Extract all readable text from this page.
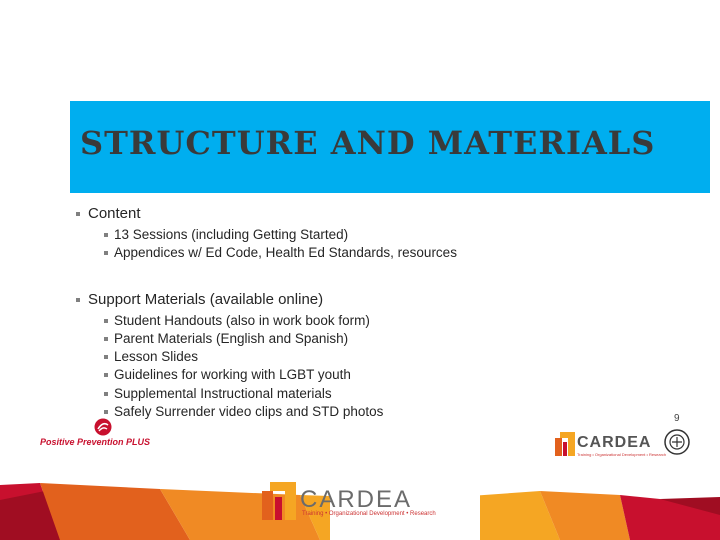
STRUCTURE AND MATERIALS
Content
13 Sessions (including Getting Started)
Appendices w/ Ed Code, Health Ed Standards, resources
Support Materials (available online)
Student Handouts (also in work book form)
Parent Materials (English and Spanish)
Lesson Slides
Guidelines for working with LGBT youth
Supplemental Instructional materials
Safely Surrender video clips and STD photos	9
Positive Prevention PLUS	CARDEA
Training • Organizational Development • Research
CARDEA
Training • Organizational Development • Research
